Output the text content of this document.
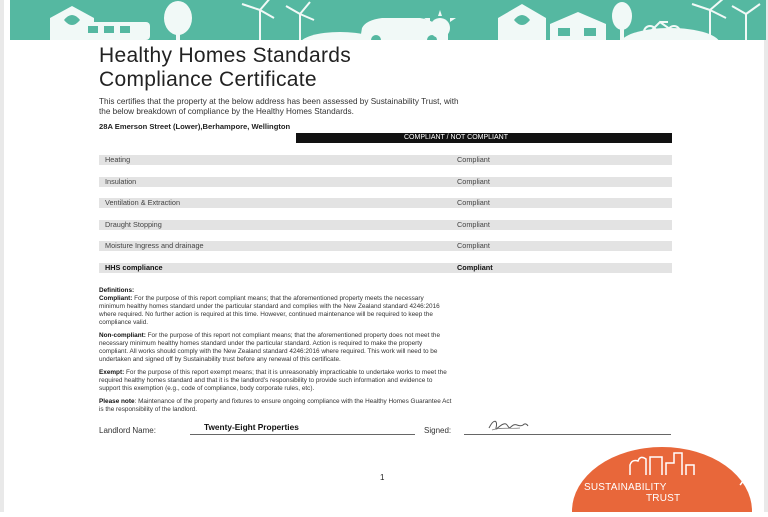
Healthy Homes Standards
Compliance Certificate
This certifies that the property at the below address has been assessed by Sustainability Trust, with
the below breakdown of compliance by the Healthy Homes Standards.
28A Emerson Street (Lower),Berhampore, Wellington
COMPLIANT / NOT COMPLIANT
Heating	Compliant
Insulation	Compliant
Ventilation & Extraction	Compliant
Draught Stopping	Compliant
Moisture Ingress and drainage	Compliant
HHS compliance	Compliant

Definitions:

Compliant: For the purpose of this report compliant means; that the aforementioned property meets the necessary
minimum healthy homes standard under the particular standard and complies with the New Zealand standard 4246:2016
where required. No further action is required at this time. However, continued maintenance will be required to keep the
compliance valid.

Non-compliant: For the purpose of this report not compliant means; that the aforementioned property does not meet the
necessary minimum healthy homes standard under the particular standard. Action is required to make the property
compliant. All works should comply with the New Zealand standard 4246:2016 where required. This work will need to be
undertaken and signed off by Sustainability trust before any renewal of this certificate.

Exempt: For the purpose of this report exempt means; that it is unreasonably impracticable to undertake works to meet the
required healthy homes standard and that it is the landlord's responsibility to provide such information and evidence to
support this exemption (e.g., code of compliance, body corporate rules, etc).

Please note: Maintenance of the property and fixtures to ensure ongoing compliance with the Healthy Homes Guarantee Act
is the responsibility of the landlord.

Landlord Name:	Twenty-Eight Properties	Signed:
1
SUSTAINABILITY
TRUST
